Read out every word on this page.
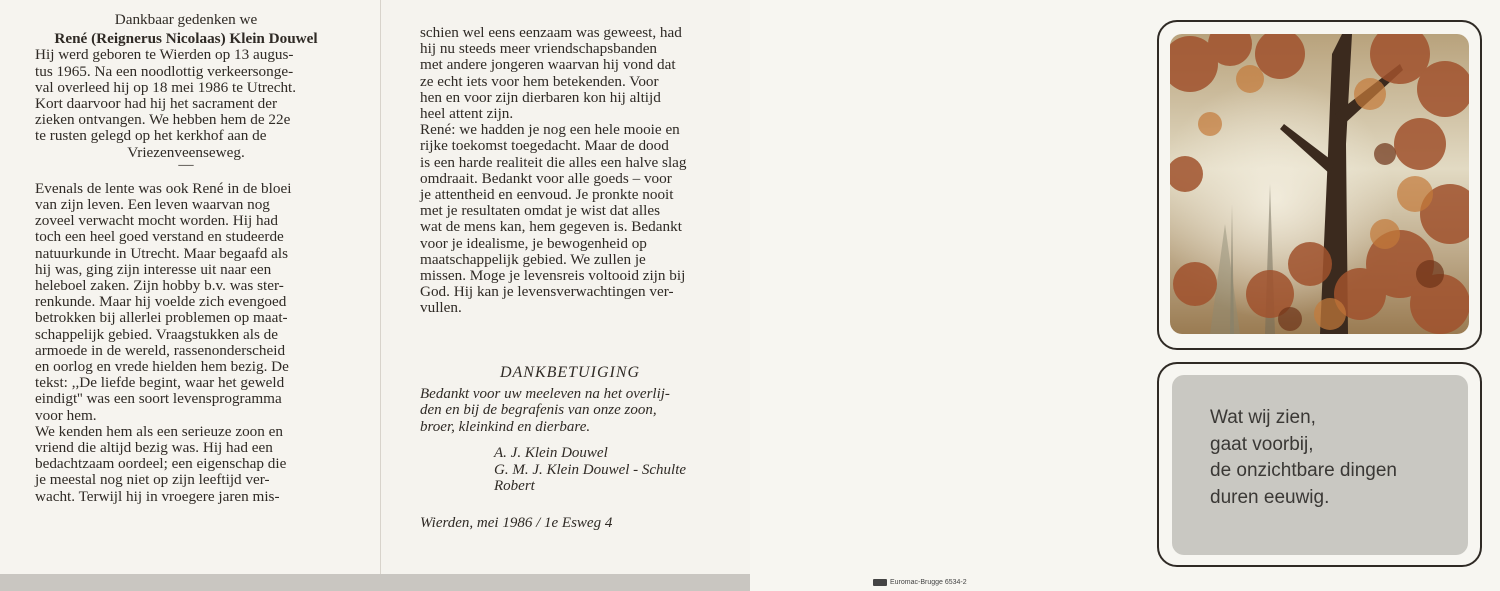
Dankbaar gedenken we

René (Reignerus Nicolaas) Klein Douwel

Hij werd geboren te Wierden op 13 augus-

tus 1965. Na een noodlottig verkeersonge-

val overleed hij op 18 mei 1986 te Utrecht.

Kort daarvoor had hij het sacrament der

zieken ontvangen. We hebben hem de 22e

te rusten gelegd op het kerkhof aan de

Vriezenveenseweg.

—

Evenals de lente was ook René in de bloei

van zijn leven. Een leven waarvan nog

zoveel verwacht mocht worden. Hij had

toch een heel goed verstand en studeerde

natuurkunde in Utrecht. Maar begaafd als

hij was, ging zijn interesse uit naar een

heleboel zaken. Zijn hobby b.v. was ster-

renkunde. Maar hij voelde zich evengoed

betrokken bij allerlei problemen op maat-

schappelijk gebied. Vraagstukken als de

armoede in de wereld, rassenonderscheid

en oorlog en vrede hielden hem bezig. De

tekst: ,,De liefde begint, waar het geweld

eindigt'' was een soort levensprogramma

voor hem.

We kenden hem als een serieuze zoon en

vriend die altijd bezig was. Hij had een

bedachtzaam oordeel; een eigenschap die

je meestal nog niet op zijn leeftijd ver-

wacht. Terwijl hij in vroegere jaren mis-

schien wel eens eenzaam was geweest, had

hij nu steeds meer vriendschapsbanden

met andere jongeren waarvan hij vond dat

ze echt iets voor hem betekenden. Voor

hen en voor zijn dierbaren kon hij altijd

heel attent zijn.

René: we hadden je nog een hele mooie en

rijke toekomst toegedacht. Maar de dood

is een harde realiteit die alles een halve slag

omdraait. Bedankt voor alle goeds – voor

je attentheid en eenvoud. Je pronkte nooit

met je resultaten omdat je wist dat alles

wat de mens kan, hem gegeven is. Bedankt

voor je idealisme, je bewogenheid op

maatschappelijk gebied. We zullen je

missen. Moge je levensreis voltooid zijn bij

God. Hij kan je levensverwachtingen ver-

vullen.

DANKBETUIGING

Bedankt voor uw meeleven na het overlij-

den en bij de begrafenis van onze zoon,

broer, kleinkind en dierbare.

A. J. Klein Douwel

G. M. J. Klein Douwel - Schulte

Robert

Wierden, mei 1986 / 1e Esweg 4

Wat wij zien,

gaat voorbij,

de onzichtbare dingen

duren eeuwig.

Euromac-Brugge 6534-2
